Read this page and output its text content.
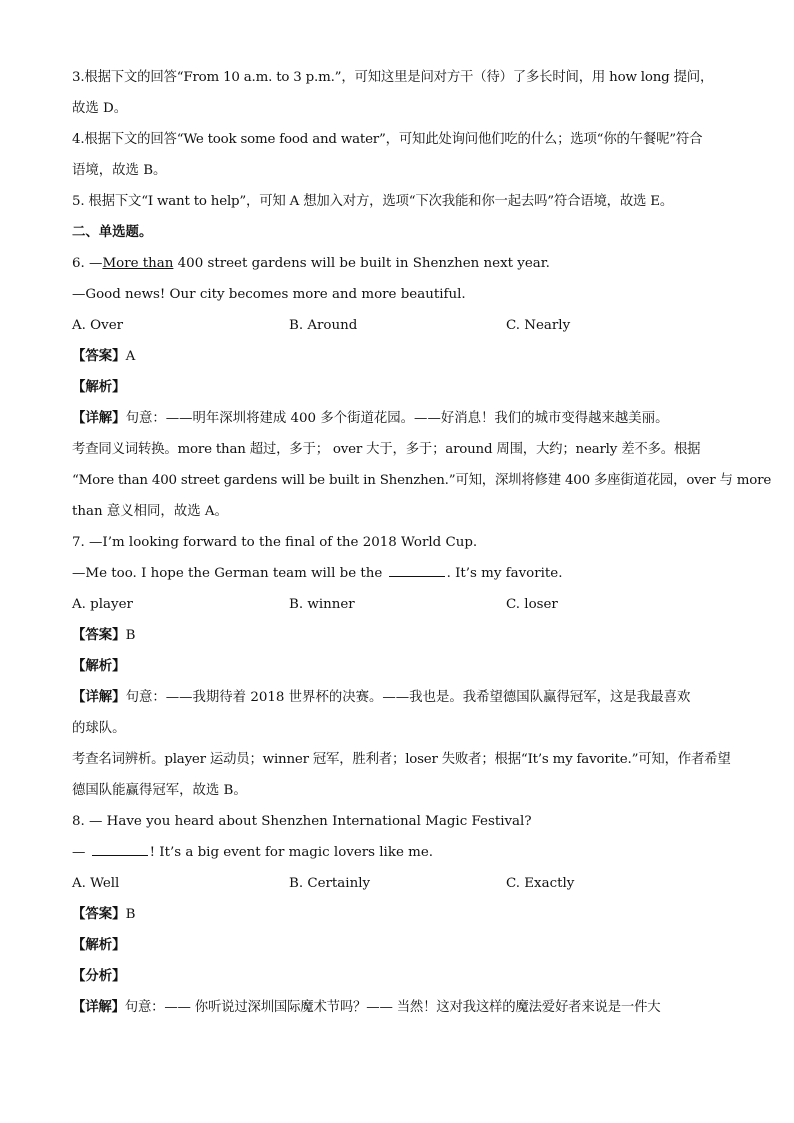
3.根据下文的回答“From 10 a.m. to 3 p.m.”，可知这里是问对方干（待）了多长时间，用 how long 提问，
故选 D。
4.根据下文的回答“We took some food and water”，可知此处询问他们吃的什么；选项“你的午餐呢”符合
语境，故选 B。
5. 根据下文“I want to help”，可知 A 想加入对方，选项“下次我能和你一起去吗”符合语境，故选 E。
二、单选题。
6. —More than 400 street gardens will be built in Shenzhen next year.
—Good news! Our city becomes more and more beautiful.
A. Over	B. Around	C. Nearly
【答案】A
【解析】
【详解】句意：——明年深圳将建成 400 多个街道花园。——好消息！我们的城市变得越来越美丽。
考查同义词转换。more than 超过，多于； over 大于，多于；around 周围，大约；nearly 差不多。根据
“More than 400 street gardens will be built in Shenzhen.”可知，深圳将修建 400 多座街道花园，over 与 more
than 意义相同，故选 A。
7. —I’m looking forward to the final of the 2018 World Cup.
—Me too. I hope the German team will be the	. It’s my favorite.
A. player	B. winner	C. loser
【答案】B
【解析】
【详解】句意：——我期待着 2018 世界杯的决赛。——我也是。我希望德国队赢得冠军，这是我最喜欢
的球队。
考查名词辨析。player 运动员；winner 冠军，胜利者；loser 失败者；根据“It’s my favorite.”可知，作者希望
德国队能赢得冠军，故选 B。
8. — Have you heard about Shenzhen International Magic Festival?
—	! It’s a big event for magic lovers like me.
A. Well	B. Certainly	C. Exactly
【答案】B
【解析】
【分析】
【详解】句意：—— 你听说过深圳国际魔术节吗？—— 当然！这对我这样的魔法爱好者来说是一件大
